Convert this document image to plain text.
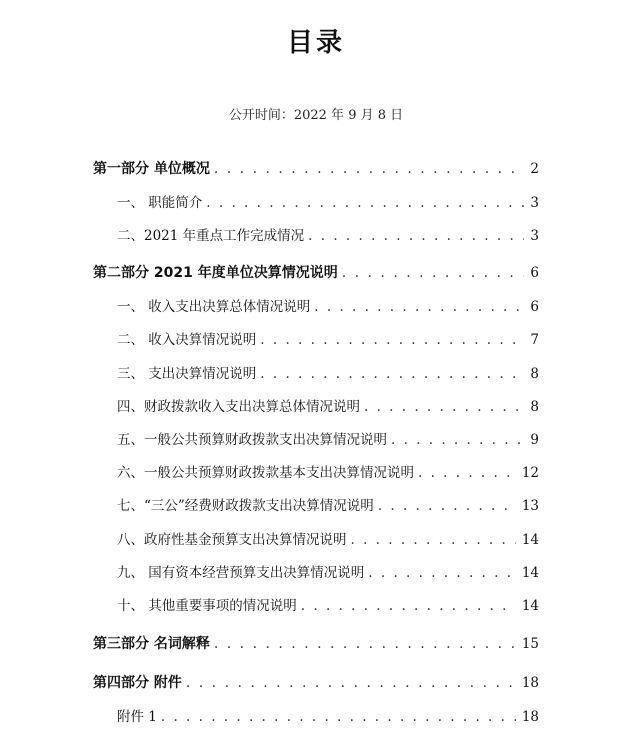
目录
公开时间：2022 年 9 月 8 日
第一部分 单位概况 . . .	2
一、 职能简介 . . .	3
二、2021 年重点工作完成情况 . . .	3
第二部分 2021 年度单位决算情况说明 . . .	6
一、 收入支出决算总体情况说明 . . .	6
二、 收入决算情况说明 . . .	7
三、 支出决算情况说明 . . .	8
四、财政拨款收入支出决算总体情况说明 . . .	8
五、一般公共预算财政拨款支出决算情况说明 . . .	9
六、一般公共预算财政拨款基本支出决算情况说明 . . .	12
七、“三公”经费财政拨款支出决算情况说明 . . .	13
八、政府性基金预算支出决算情况说明 . . .	14
九、 国有资本经营预算支出决算情况说明 . . .	14
十、 其他重要事项的情况说明 . . .	14
第三部分 名词解释 . . .	15
第四部分 附件 . . .	18
附件 1 . . .	18
